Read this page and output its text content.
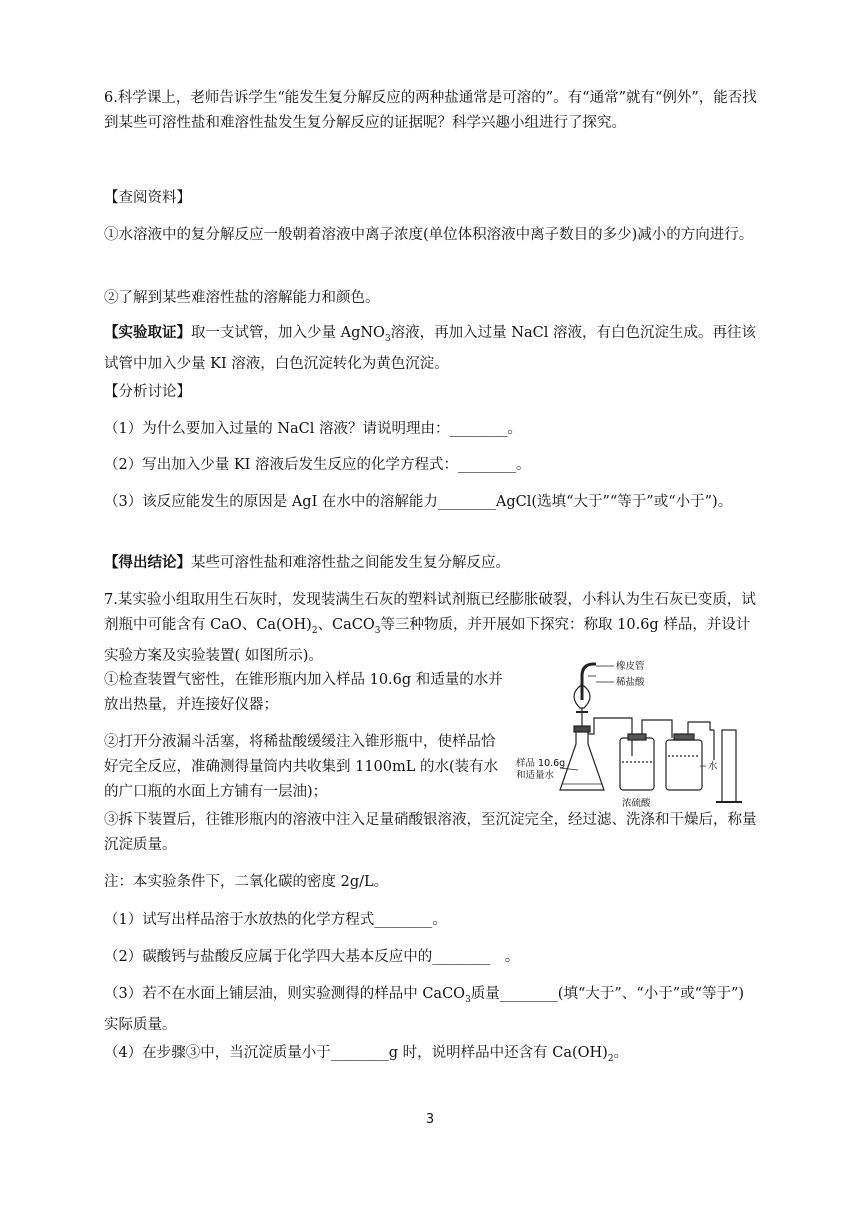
6.科学课上，老师告诉学生“能发生复分解反应的两种盐通常是可溶的”。有“通常”就有“例外”，能否找到某些可溶性盐和难溶性盐发生复分解反应的证据呢？科学兴趣小组进行了探究。

【查阅资料】

①水溶液中的复分解反应一般朝着溶液中离子浓度(单位体积溶液中离子数目的多少)减小的方向进行。

②了解到某些难溶性盐的溶解能力和颜色。

【实验取证】取一支试管，加入少量 AgNO$_3$溶液，再加入过量 NaCl 溶液，有白色沉淀生成。再往该试管中加入少量 KI 溶液，白色沉淀转化为黄色沉淀。

【分析讨论】

（1）为什么要加入过量的 NaCl 溶液？请说明理由：________。

（2）写出加入少量 KI 溶液后发生反应的化学方程式：________。

（3）该反应能发生的原因是 AgI 在水中的溶解能力________AgCl(选填“大于”“等于”或“小于”)。

【得出结论】某些可溶性盐和难溶性盐之间能发生复分解反应。

7.某实验小组取用生石灰时，发现装满生石灰的塑料试剂瓶已经膨胀破裂，小科认为生石灰已变质，试剂瓶中可能含有 CaO、$Ca(OH)_2$、CaCO$_3$等三种物质，并开展如下探究：称取 10.6g 样品，并设计实验方案及实验装置( 如图所示)。

①检查装置气密性，在锥形瓶内加入样品 10.6g 和适量的水并放出热量，并连接好仪器；

②打开分液漏斗活塞，将稀盐酸缓缓注入锥形瓶中，使样品恰好完全反应，准确测得量筒内共收集到 1100mL 的水(装有水的广口瓶的水面上方铺有一层油)；

③拆下装置后，往锥形瓶内的溶液中注入足量硝酸银溶液，至沉淀完全，经过滤、洗涤和干燥后，称量沉淀质量。

注：本实验条件下，二氧化碳的密度 2g/L。

（1）试写出样品溶于水放热的化学方程式________。

（2）碳酸钙与盐酸反应属于化学四大基本反应中的________　。

（3）若不在水面上铺层油，则实验测得的样品中 CaCO$_3$质量________(填“大于”、“小于”或“等于”)实际质量。

（4）在步骤③中，当沉淀质量小于________g 时，说明样品中还含有 $Ca(OH)_2$。

橡皮管
稀盐酸
样品 10.6g
和适量水
浓硫酸
水
3
